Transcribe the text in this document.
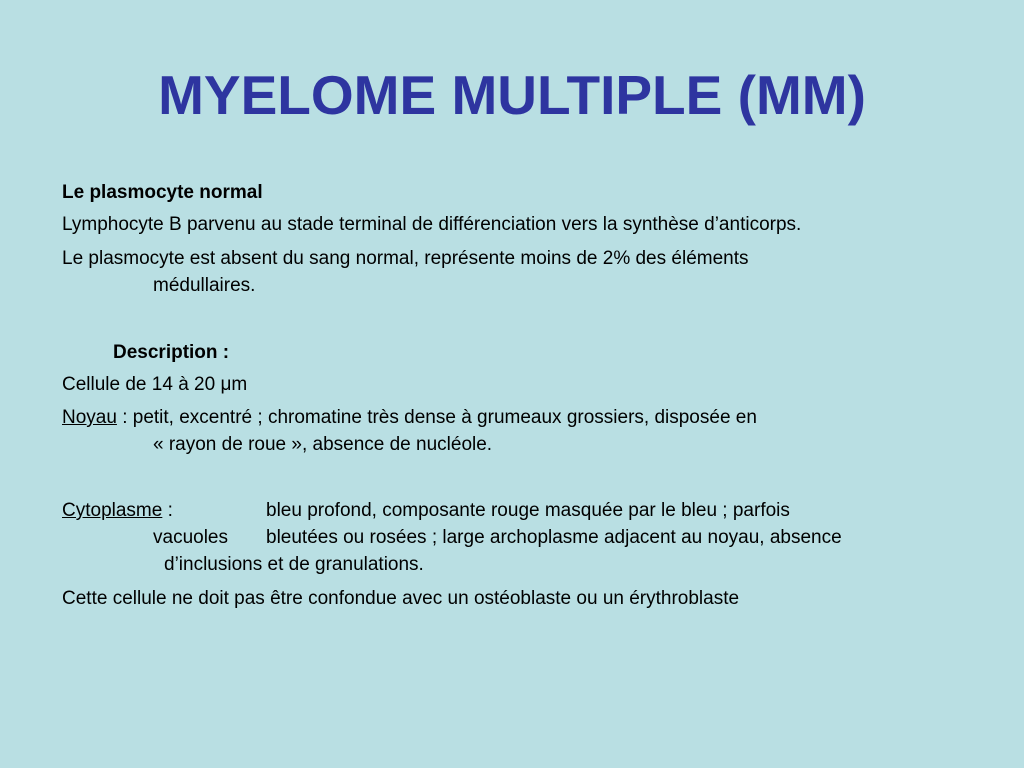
MYELOME MULTIPLE (MM)
Le plasmocyte normal
Lymphocyte B parvenu au stade terminal de différenciation vers la synthèse d’anticorps.
Le plasmocyte est absent du sang normal, représente moins de 2% des éléments
médullaires.
Description :
Cellule de 14 à 20 μm
Noyau : petit, excentré ; chromatine très dense à grumeaux grossiers, disposée en
« rayon de roue », absence de nucléole.
Cytoplasme :	bleu profond, composante rouge masquée par le bleu ; parfois
vacuoles bleutées ou rosées ; large archoplasme adjacent au noyau, absence
d’inclusions et de granulations.
Cette cellule ne doit pas être confondue avec un ostéoblaste ou un érythroblaste
